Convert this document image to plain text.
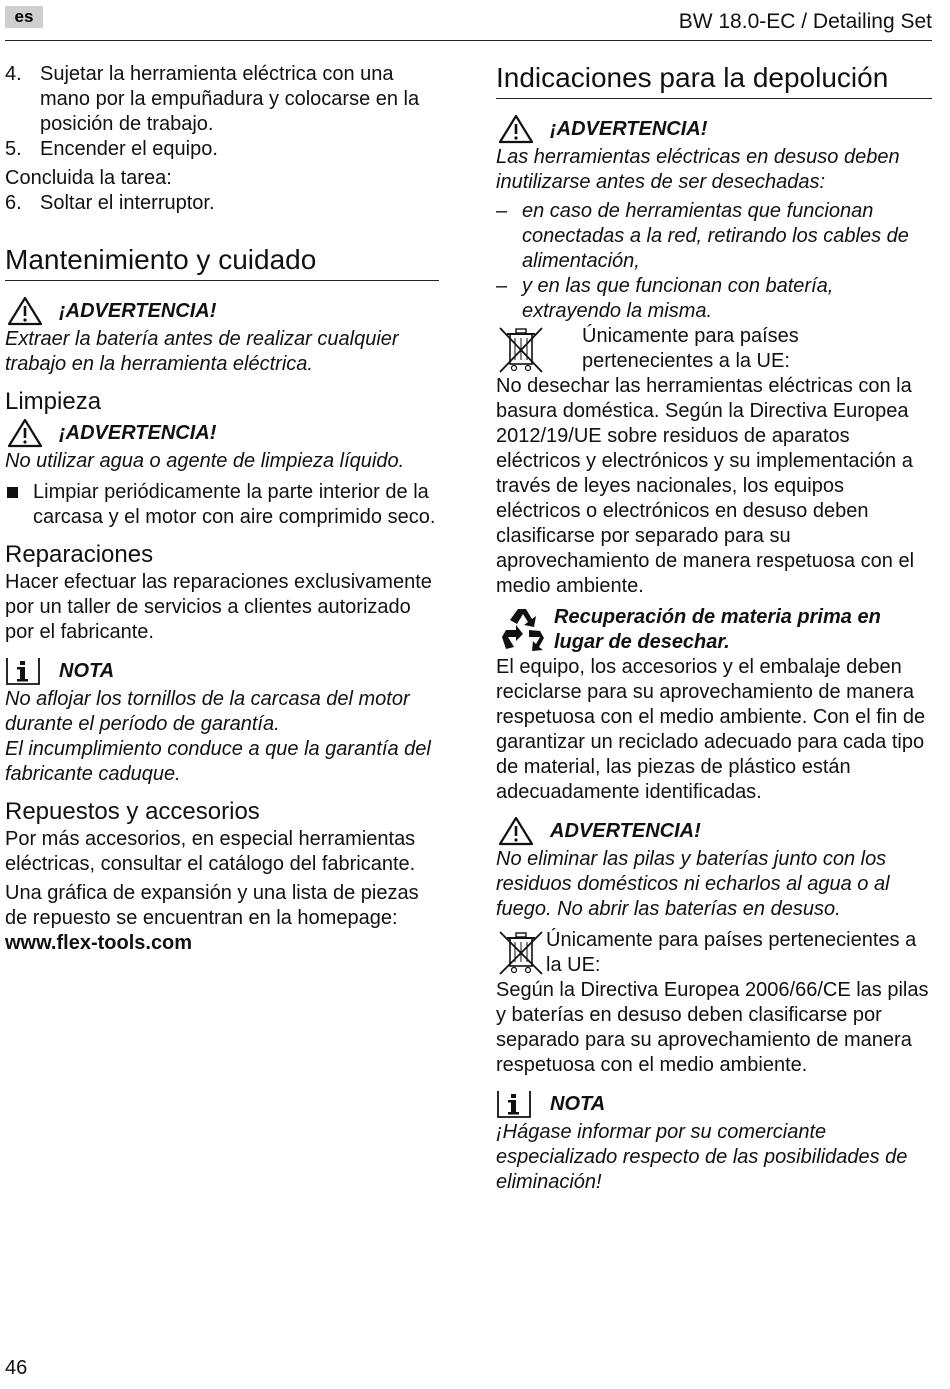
es	BW 18.0-EC / Detailing Set
4. Sujetar la herramienta eléctrica con una mano por la empuñadura y colocarse en la posición de trabajo.
5. Encender el equipo.

Concluida la tarea:

6. Soltar el interruptor.
Mantenimiento y cuidado
¡ADVERTENCIA!

Extraer la batería antes de realizar cualquier trabajo en la herramienta eléctrica.

Limpieza
¡ADVERTENCIA!

No utilizar agua o agente de limpieza líquido.

Limpiar periódicamente la parte interior de la carcasa y el motor con aire comprimido seco.
Reparaciones

Hacer efectuar las reparaciones exclusivamente por un taller de servicios a clientes autorizado por el fabricante.

NOTA

No aflojar los tornillos de la carcasa del motor durante el período de garantía.

El incumplimiento conduce a que la garantía del fabricante caduque.

Repuestos y accesorios

Por más accesorios, en especial herramientas eléctricas, consultar el catálogo del fabricante.

Una gráfica de expansión y una lista de piezas de repuesto se encuentran en la homepage: www.flex-tools.com

Indicaciones para la depolución
¡ADVERTENCIA!

Las herramientas eléctricas en desuso deben inutilizarse antes de ser desechadas:

– en caso de herramientas que funcionan conectadas a la red, retirando los cables de alimentación,
– y en las que funcionan con batería, extrayendo la misma.
Únicamente para países pertenecientes a la UE:

No desechar las herramientas eléctricas con la basura doméstica. Según la Directiva Europea 2012/19/UE sobre residuos de aparatos eléctricos y electrónicos y su implementación a través de leyes nacionales, los equipos eléctricos o electrónicos en desuso deben clasificarse por separado para su aprovechamiento de manera respetuosa con el medio ambiente.

Recuperación de materia prima en lugar de desechar.

El equipo, los accesorios y el embalaje deben reciclarse para su aprovechamiento de manera respetuosa con el medio ambiente. Con el fin de garantizar un reciclado adecuado para cada tipo de material, las piezas de plástico están adecuadamente identificadas.

ADVERTENCIA!

No eliminar las pilas y baterías junto con los residuos domésticos ni echarlos al agua o al fuego. No abrir las baterías en desuso.

Únicamente para países pertenecientes a la UE:

Según la Directiva Europea 2006/66/CE las pilas y baterías en desuso deben clasificarse por separado para su aprovechamiento de manera respetuosa con el medio ambiente.

NOTA

¡Hágase informar por su comerciante especializado respecto de las posibilidades de eliminación!

46
